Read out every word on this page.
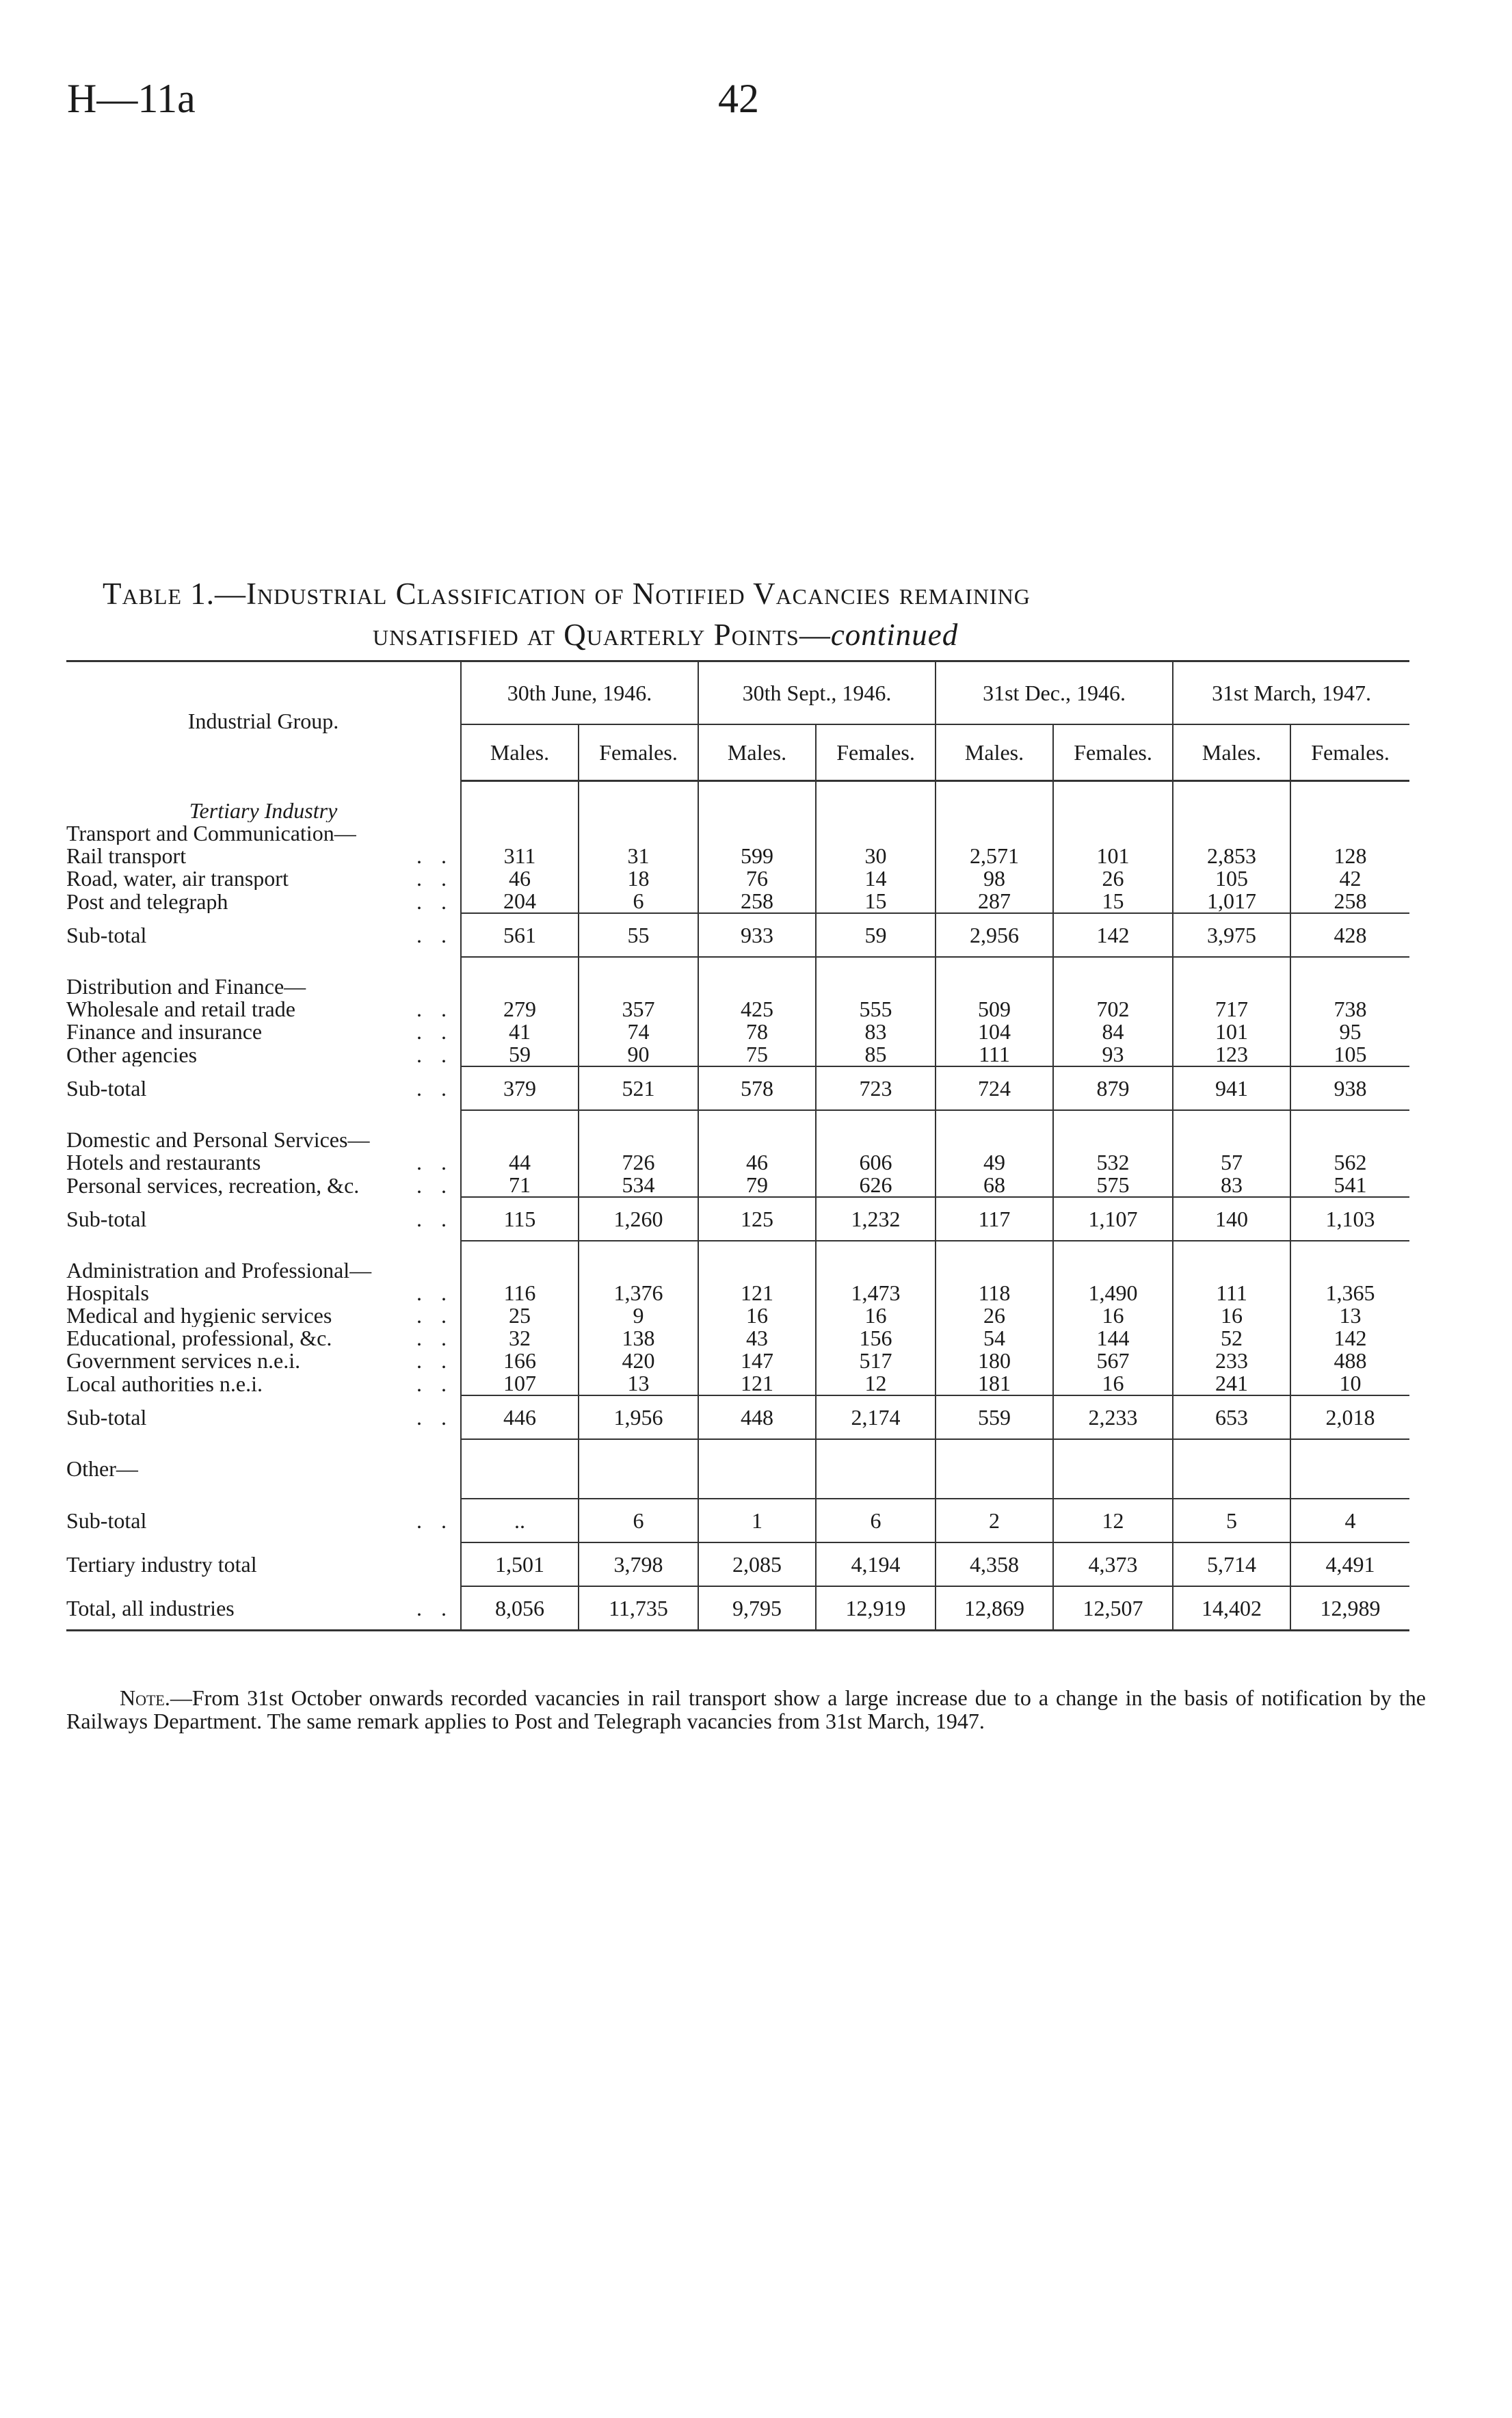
H—11a	42
Table 1.—Industrial Classification of Notified Vacancies remaining
unsatisfied at Quarterly Points—continued
Industrial Group.	30th June, 1946.		30th Sept., 1946.		31st Dec., 1946.		31st March, 1947.	
	Males.	Females.	Males.	Females.	Males.	Females.	Males.	Females.

Tertiary Industry								
Transport and Communication—								
Rail transport . .	311	31	599	30	2,571	101	2,853	128
Road, water, air transport . .	46	18	76	14	98	26	105	42
Post and telegraph . .	204	6	258	15	287	15	1,017	258
Sub-total . .	561	55	933	59	2,956	142	3,975	428

Distribution and Finance—								
Wholesale and retail trade . .	279	357	425	555	509	702	717	738
Finance and insurance . .	41	74	78	83	104	84	101	95
Other agencies . .	59	90	75	85	111	93	123	105
Sub-total . .	379	521	578	723	724	879	941	938

Domestic and Personal Services—								
Hotels and restaurants . .	44	726	46	606	49	532	57	562
Personal services, recreation, &c. . .	71	534	79	626	68	575	83	541
Sub-total . .	115	1,260	125	1,232	117	1,107	140	1,103

Administration and Professional—								
Hospitals . .	116	1,376	121	1,473	118	1,490	111	1,365
Medical and hygienic services . .	25	9	16	16	26	16	16	13
Educational, professional, &c. . .	32	138	43	156	54	144	52	142
Government services n.e.i. . .	166	420	147	517	180	567	233	488
Local authorities n.e.i. . .	107	13	121	12	181	16	241	10
Sub-total . .	446	1,956	448	2,174	559	2,233	653	2,018

Other—								

Sub-total . .	..	6	1	6	2	12	5	4
Tertiary industry total	1,501	3,798	2,085	4,194	4,358	4,373	5,714	4,491
Total, all industries . .	8,056	11,735	9,795	12,919	12,869	12,507	14,402	12,989
Note.—From 31st October onwards recorded vacancies in rail transport show a large increase due to a change in the basis of notification by the Railways Department. The same remark applies to Post and Telegraph vacancies from 31st March, 1947.
